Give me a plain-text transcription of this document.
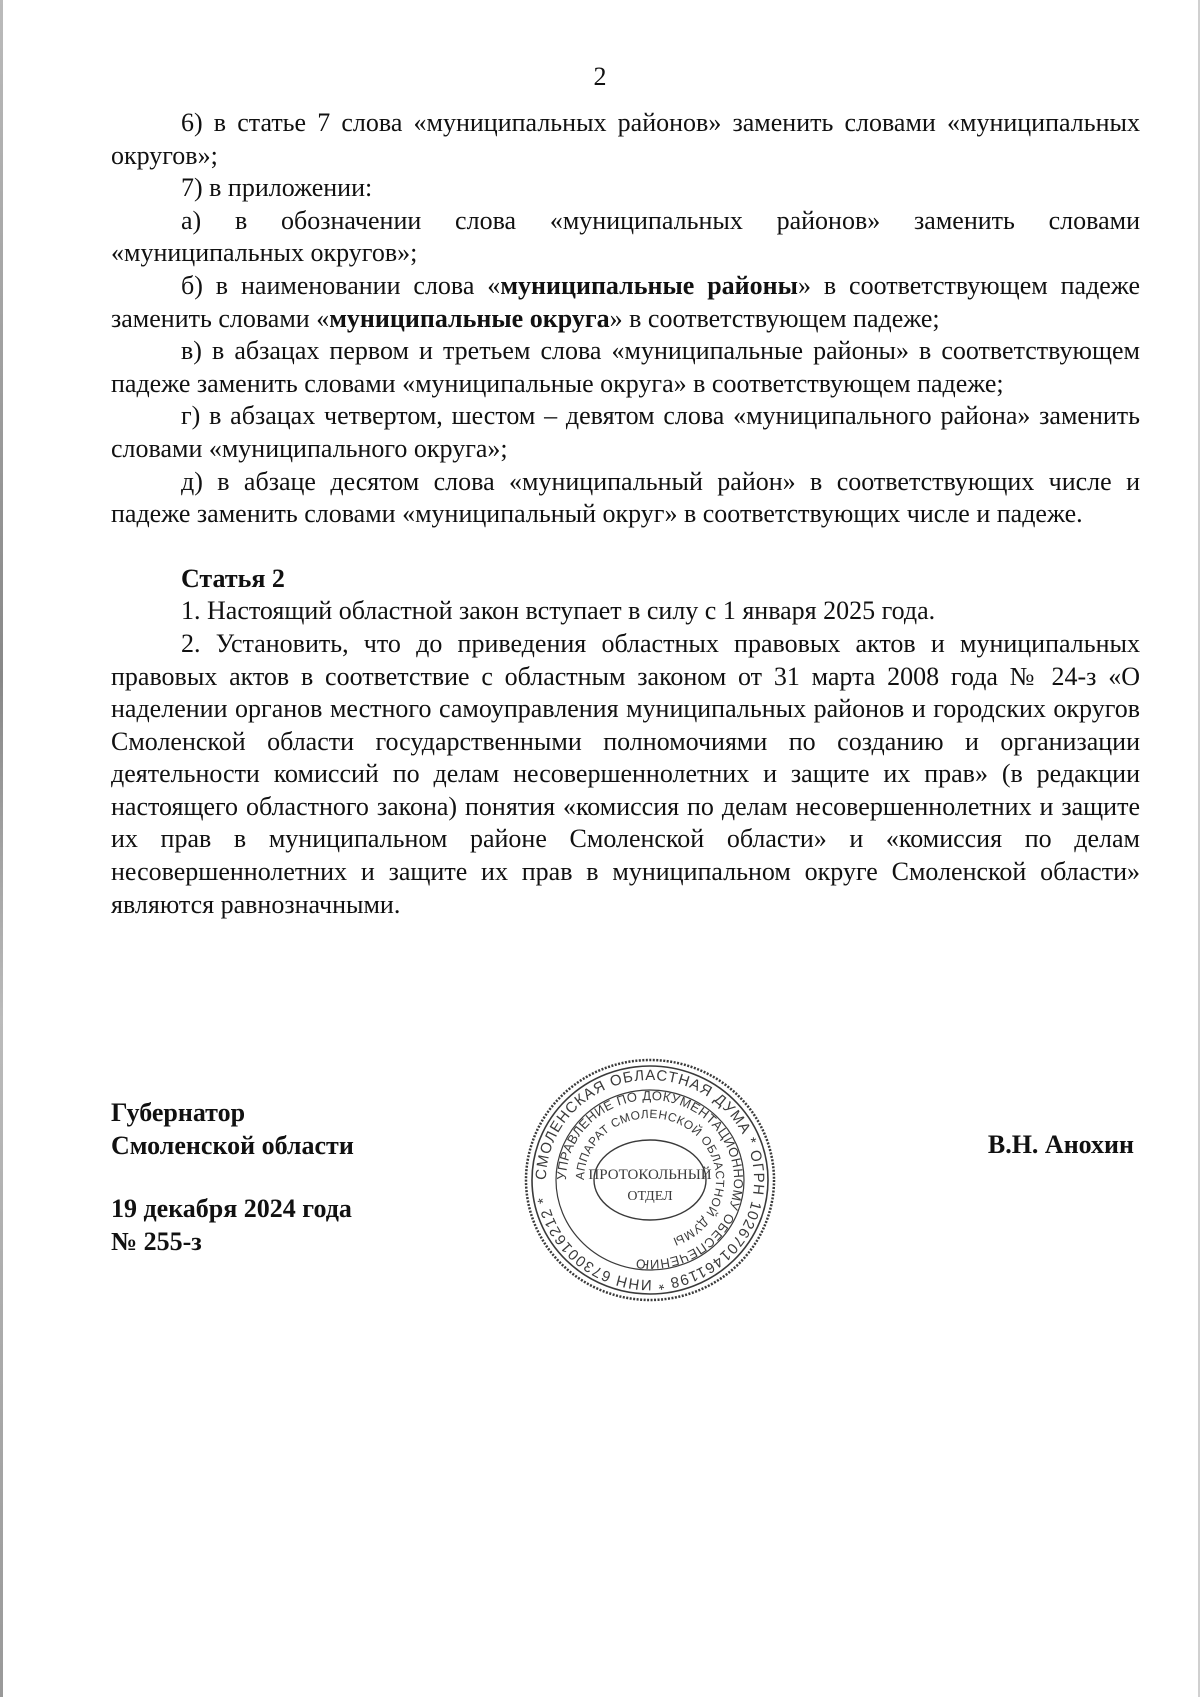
2

6) в статье 7 слова «муниципальных районов» заменить словами «муниципальных округов»;

7) в приложении:

а) в обозначении слова «муниципальных районов» заменить словами «муниципальных округов»;

б) в наименовании слова «муниципальные районы» в соответствующем падеже заменить словами «муниципальные округа» в соответствующем падеже;

в) в абзацах первом и третьем слова «муниципальные районы» в соответствующем падеже заменить словами «муниципальные округа» в соответствующем падеже;

г) в абзацах четвертом, шестом – девятом слова «муниципального района» заменить словами «муниципального округа»;

д) в абзаце десятом слова «муниципальный район» в соответствующих числе и падеже заменить словами «муниципальный округ» в соответствующих числе и падеже.

Статья 2

1. Настоящий областной закон вступает в силу с 1 января 2025 года.

2. Установить, что до приведения областных правовых актов и муниципальных правовых актов в соответствие с областным законом от 31 марта 2008 года № 24-з «О наделении органов местного самоуправления муниципальных районов и городских округов Смоленской области государственными полномочиями по созданию и организации деятельности комиссий по делам несовершеннолетних и защите их прав» (в редакции настоящего областного закона) понятия «комиссия по делам несовершеннолетних и защите их прав в муниципальном районе Смоленской области» и «комиссия по делам несовершеннолетних и защите их прав в муниципальном округе Смоленской области» являются равнозначными.

Губернатор
Смоленской области
19 декабря 2024 года
№ 255-з
В.Н. Анохин
СМОЛЕНСКАЯ ОБЛАСТНАЯ ДУМА * ОГРН 1026701461198 * ИНН 6730016212 *
УПРАВЛЕНИЕ ПО ДОКУМЕНТАЦИОННОМУ ОБЕСПЕЧЕНИЮ
АППАРАТ СМОЛЕНСКОЙ ОБЛАСТНОЙ ДУМЫ
ПРОТОКОЛЬНЫЙ
ОТДЕЛ
